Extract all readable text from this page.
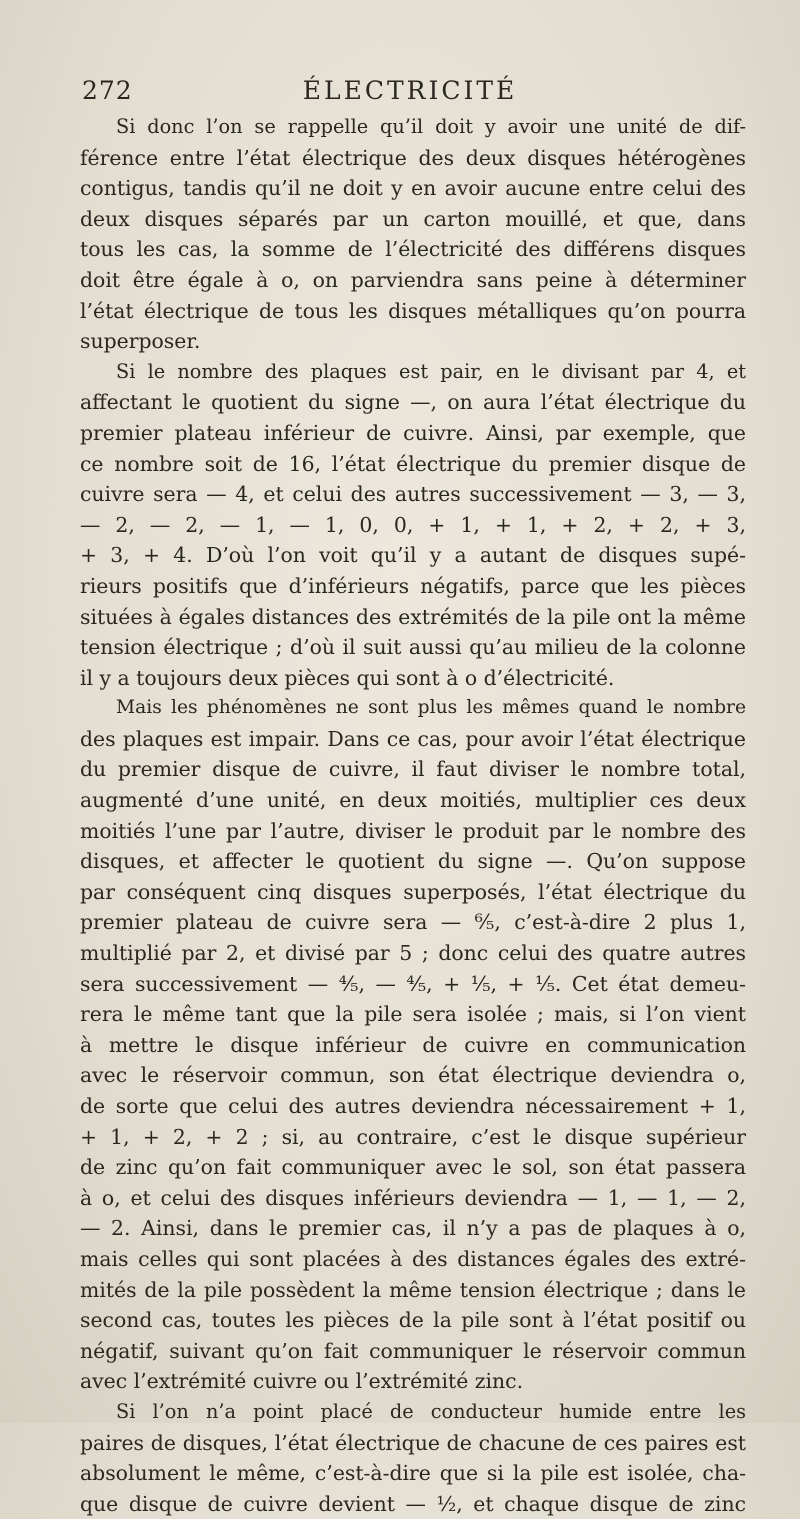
272	ÉLECTRICITÉ

Si donc l’on se rappelle qu’il doit y avoir une unité de dif-
férence entre l’état électrique des deux disques hétérogènes
contigus, tandis qu’il ne doit y en avoir aucune entre celui des
deux disques séparés par un carton mouillé, et que, dans
tous les cas, la somme de l’électricité des différens disques
doit être égale à o, on parviendra sans peine à déterminer
l’état électrique de tous les disques métalliques qu’on pourra
superposer.

Si le nombre des plaques est pair, en le divisant par 4, et
affectant le quotient du signe —, on aura l’état électrique du
premier plateau inférieur de cuivre. Ainsi, par exemple, que
ce nombre soit de 16, l’état électrique du premier disque de
cuivre sera — 4, et celui des autres successivement — 3, — 3,
— 2, — 2, — 1, — 1, 0, 0, + 1, + 1, + 2, + 2, + 3,
+ 3, + 4. D’où l’on voit qu’il y a autant de disques supé-
rieurs positifs que d’inférieurs négatifs, parce que les pièces
situées à égales distances des extrémités de la pile ont la même
tension électrique ; d’où il suit aussi qu’au milieu de la colonne
il y a toujours deux pièces qui sont à o d’électricité.

Mais les phénomènes ne sont plus les mêmes quand le nombre
des plaques est impair. Dans ce cas, pour avoir l’état électrique
du premier disque de cuivre, il faut diviser le nombre total,
augmenté d’une unité, en deux moitiés, multiplier ces deux
moitiés l’une par l’autre, diviser le produit par le nombre des
disques, et affecter le quotient du signe —. Qu’on suppose
par conséquent cinq disques superposés, l’état électrique du
premier plateau de cuivre sera — ⁶⁄₅, c’est-à-dire 2 plus 1,
multiplié par 2, et divisé par 5 ; donc celui des quatre autres
sera successivement — ⁴⁄₅, — ⁴⁄₅, + ¹⁄₅, + ¹⁄₅. Cet état demeu-
rera le même tant que la pile sera isolée ; mais, si l’on vient
à mettre le disque inférieur de cuivre en communication
avec le réservoir commun, son état électrique deviendra o,
de sorte que celui des autres deviendra nécessairement + 1,
+ 1, + 2, + 2 ; si, au contraire, c’est le disque supérieur
de zinc qu’on fait communiquer avec le sol, son état passera
à o, et celui des disques inférieurs deviendra — 1, — 1, — 2,
— 2. Ainsi, dans le premier cas, il n’y a pas de plaques à o,
mais celles qui sont placées à des distances égales des extré-
mités de la pile possèdent la même tension électrique ; dans le
second cas, toutes les pièces de la pile sont à l’état positif ou
négatif, suivant qu’on fait communiquer le réservoir commun
avec l’extrémité cuivre ou l’extrémité zinc.

Si l’on n’a point placé de conducteur humide entre les
paires de disques, l’état électrique de chacune de ces paires est
absolument le même, c’est-à-dire que si la pile est isolée, cha-
que disque de cuivre devient — ½, et chaque disque de zinc
